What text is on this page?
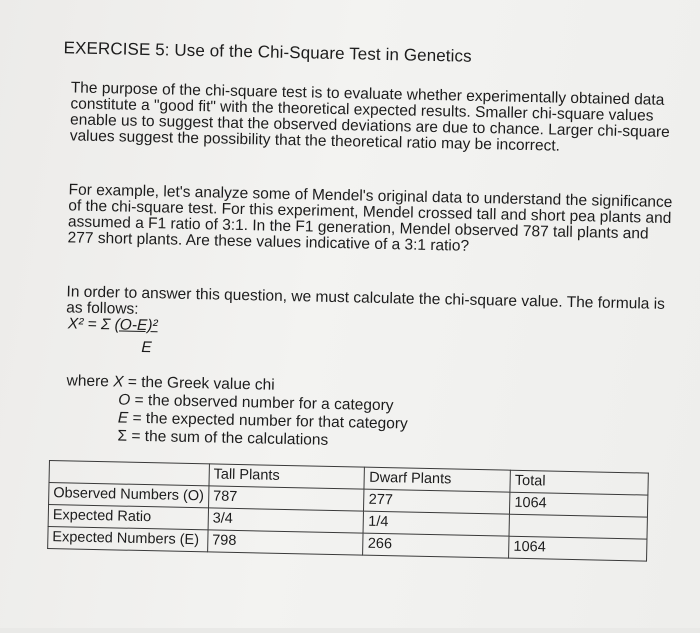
EXERCISE 5: Use of the Chi-Square Test in Genetics
The purpose of the chi-square test is to evaluate whether experimentally obtained data constitute a "good fit" with the theoretical expected results. Smaller chi-square values enable us to suggest that the observed deviations are due to chance. Larger chi-square values suggest the possibility that the theoretical ratio may be incorrect.
For example, let's analyze some of Mendel's original data to understand the significance of the chi-square test. For this experiment, Mendel crossed tall and short pea plants and assumed a F1 ratio of 3:1. In the F1 generation, Mendel observed 787 tall plants and 277 short plants. Are these values indicative of a 3:1 ratio?
In order to answer this question, we must calculate the chi-square value. The formula is as follows:
X² = Σ (O-E)²
E
where X = the Greek value chi
O = the observed number for a category
E = the expected number for that category
Σ = the sum of the calculations
	Tall Plants	Dwarf Plants	Total
Observed Numbers (O)	787	277	1064
Expected Ratio	3/4	1/4	
Expected Numbers (E)	798	266	1064
